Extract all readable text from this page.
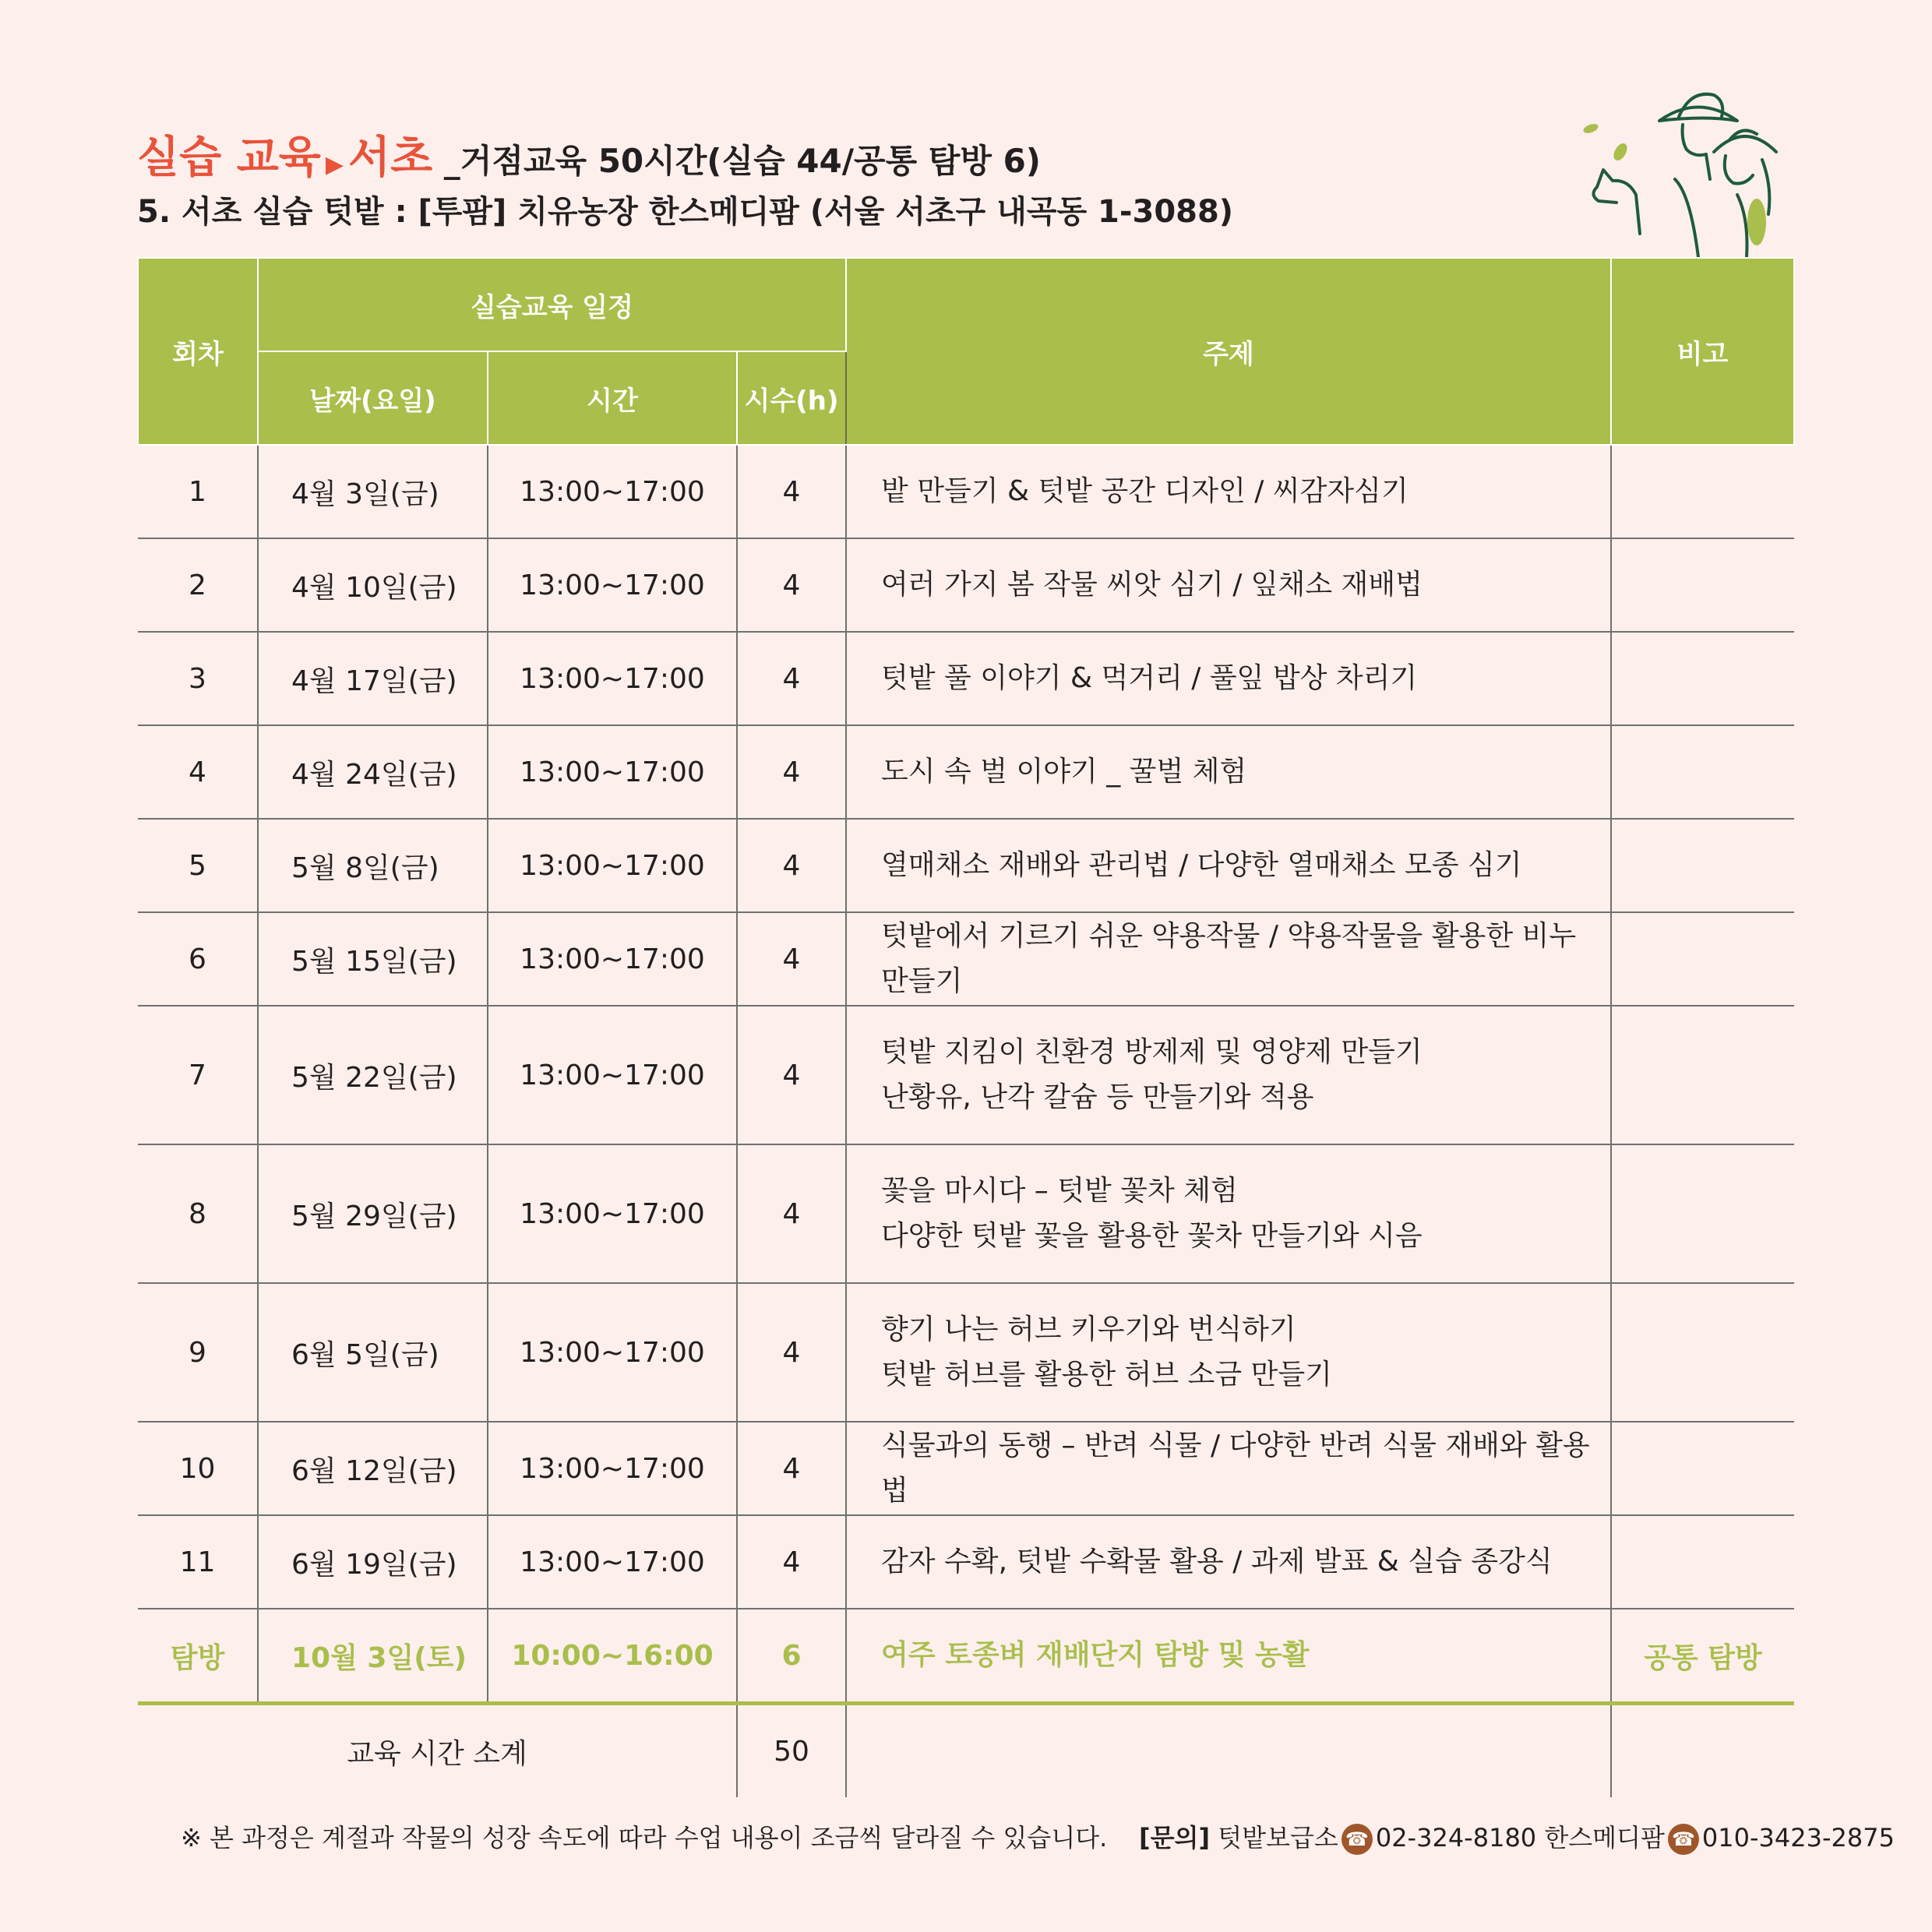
실습 교육 ▶ 서초 _거점교육 50시간(실습 44/공통 탐방 6)
5. 서초 실습 텃밭 : [투팜] 치유농장 한스메디팜 (서울 서초구 내곡동 1-3088)
회차	실습교육 일정			주제	비고
	날짜(요일)	시간	시수(h)		
1	4월 3일(금)	13:00~17:00	4	밭 만들기 & 텃밭 공간 디자인 / 씨감자심기	

2	4월 10일(금)	13:00~17:00	4	여러 가지 봄 작물 씨앗 심기 / 잎채소 재배법	

3	4월 17일(금)	13:00~17:00	4	텃밭 풀 이야기 & 먹거리 / 풀잎 밥상 차리기	

4	4월 24일(금)	13:00~17:00	4	도시 속 벌 이야기 _ 꿀벌 체험	

5	5월 8일(금)	13:00~17:00	4	열매채소 재배와 관리법 / 다양한 열매채소 모종 심기	

6	5월 15일(금)	13:00~17:00	4	텃밭에서 기르기 쉬운 약용작물 / 약용작물을 활용한 비누 만들기	

7	5월 22일(금)	13:00~17:00	4	텃밭 지킴이 친환경 방제제 및 영양제 만들기
난황유, 난각 칼슘 등 만들기와 적용	

8	5월 29일(금)	13:00~17:00	4	꽃을 마시다 – 텃밭 꽃차 체험
다양한 텃밭 꽃을 활용한 꽃차 만들기와 시음	

9	6월 5일(금)	13:00~17:00	4	향기 나는 허브 키우기와 번식하기
텃밭 허브를 활용한 허브 소금 만들기	

10	6월 12일(금)	13:00~17:00	4	식물과의 동행 – 반려 식물 / 다양한 반려 식물 재배와 활용법	

11	6월 19일(금)	13:00~17:00	4	감자 수확, 텃밭 수확물 활용 / 과제 발표 & 실습 종강식	

탐방	10월 3일(토)	10:00~16:00	6	여주 토종벼 재배단지 탐방 및 농활	공통 탐방
교육 시간 소계			50		
※ 본 과정은 계절과 작물의 성장 속도에 따라 수업 내용이 조금씩 달라질 수 있습니다. [문의] 텃밭보급소 ☎ 02-324-8180 한스메디팜 ☎ 010-3423-2875
